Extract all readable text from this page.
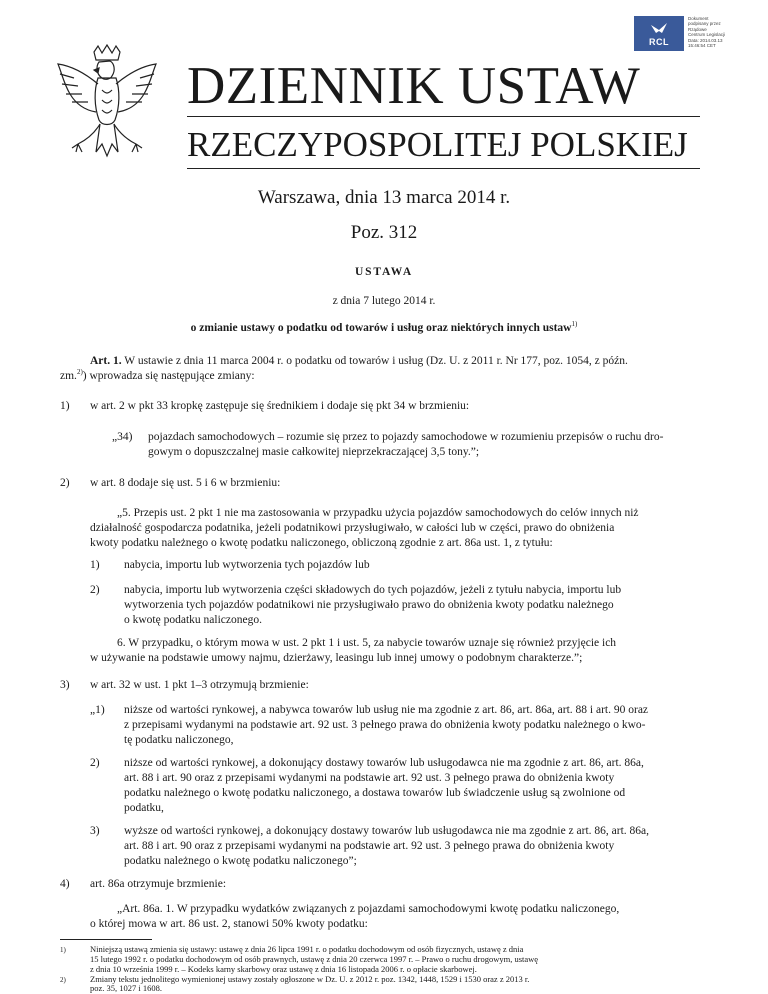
RCL
Dokument
podpisany przez
Rządowe
Centrum Legislacji
Data: 2014.03.13
15:46:54 CET
DZIENNIK USTAW
RZECZYPOSPOLITEJ POLSKIEJ
Warszawa, dnia 13 marca 2014 r.
Poz. 312
USTAWA
z dnia 7 lutego 2014 r.
o zmianie ustawy o podatku od towarów i usług oraz niektórych innych ustaw$^{1)}$
Art. 1. W ustawie z dnia 11 marca 2004 r. o podatku od towarów i usług (Dz. U. z 2011 r. Nr 177, poz. 1054, z późn.
zm.$^{2)}$) wprowadza się następujące zmiany:
1) w art. 2 w pkt 33 kropkę zastępuje się średnikiem i dodaje się pkt 34 w brzmieniu:
„34) pojazdach samochodowych – rozumie się przez to pojazdy samochodowe w rozumieniu przepisów o ruchu dro-
gowym o dopuszczalnej masie całkowitej nieprzekraczającej 3,5 tony.”;
2) w art. 8 dodaje się ust. 5 i 6 w brzmieniu:
„5. Przepis ust. 2 pkt 1 nie ma zastosowania w przypadku użycia pojazdów samochodowych do celów innych niż
działalność gospodarcza podatnika, jeżeli podatnikowi przysługiwało, w całości lub w części, prawo do obniżenia
kwoty podatku należnego o kwotę podatku naliczonego, obliczoną zgodnie z art. 86a ust. 1, z tytułu:
1) nabycia, importu lub wytworzenia tych pojazdów lub
2) nabycia, importu lub wytworzenia części składowych do tych pojazdów, jeżeli z tytułu nabycia, importu lub
wytworzenia tych pojazdów podatnikowi nie przysługiwało prawo do obniżenia kwoty podatku należnego
o kwotę podatku naliczonego.
6. W przypadku, o którym mowa w ust. 2 pkt 1 i ust. 5, za nabycie towarów uznaje się również przyjęcie ich
w używanie na podstawie umowy najmu, dzierżawy, leasingu lub innej umowy o podobnym charakterze.”;
3) w art. 32 w ust. 1 pkt 1–3 otrzymują brzmienie:
„1) niższe od wartości rynkowej, a nabywca towarów lub usług nie ma zgodnie z art. 86, art. 86a, art. 88 i art. 90 oraz
z przepisami wydanymi na podstawie art. 92 ust. 3 pełnego prawa do obniżenia kwoty podatku należnego o kwo-
tę podatku naliczonego,
2) niższe od wartości rynkowej, a dokonujący dostawy towarów lub usługodawca nie ma zgodnie z art. 86, art. 86a,
art. 88 i art. 90 oraz z przepisami wydanymi na podstawie art. 92 ust. 3 pełnego prawa do obniżenia kwoty
podatku należnego o kwotę podatku naliczonego, a dostawa towarów lub świadczenie usług są zwolnione od
podatku,
3) wyższe od wartości rynkowej, a dokonujący dostawy towarów lub usługodawca nie ma zgodnie z art. 86, art. 86a,
art. 88 i art. 90 oraz z przepisami wydanymi na podstawie art. 92 ust. 3 pełnego prawa do obniżenia kwoty
podatku należnego o kwotę podatku naliczonego”;
4) art. 86a otrzymuje brzmienie:
„Art. 86a. 1. W przypadku wydatków związanych z pojazdami samochodowymi kwotę podatku naliczonego,
o której mowa w art. 86 ust. 2, stanowi 50% kwoty podatku:
1)	Niniejszą ustawą zmienia się ustawy: ustawę z dnia 26 lipca 1991 r. o podatku dochodowym od osób fizycznych, ustawę z dnia
15 lutego 1992 r. o podatku dochodowym od osób prawnych, ustawę z dnia 20 czerwca 1997 r. – Prawo o ruchu drogowym, ustawę
z dnia 10 września 1999 r. – Kodeks karny skarbowy oraz ustawę z dnia 16 listopada 2006 r. o opłacie skarbowej.
2)	Zmiany tekstu jednolitego wymienionej ustawy zostały ogłoszone w Dz. U. z 2012 r. poz. 1342, 1448, 1529 i 1530 oraz z 2013 r.
poz. 35, 1027 i 1608.
